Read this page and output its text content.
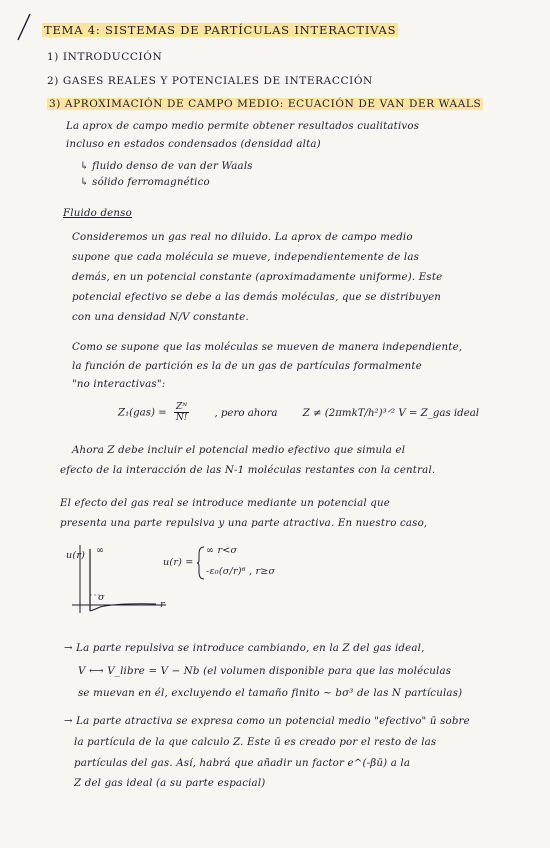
TEMA 4: SISTEMAS DE PARTÍCULAS INTERACTIVAS
1) INTRODUCCIÓN
2) GASES REALES Y POTENCIALES DE INTERACCIÓN
3) APROXIMACIÓN DE CAMPO MEDIO: ECUACIÓN DE VAN DER WAALS
La aprox de campo medio permite obtener resultados cualitativos
incluso en estados condensados (densidad alta)
↳ fluido denso de van der Waals
↳ sólido ferromagnético
Fluido denso
Consideremos un gas real no diluido. La aprox de campo medio
supone que cada molécula se mueve, independientemente de las
demás, en un potencial constante (aproximadamente uniforme). Este
potencial efectivo se debe a las demás moléculas, que se distribuyen
con una densidad N/V constante.
Como se supone que las moléculas se mueven de manera independiente,
la función de partición es la de un gas de partículas formalmente
"no interactivas":
$Z_1(gas) = \frac{\text{Zᴺ}}{N!}$ , pero ahora Z ≠ (2πmkT/h²)³ᐟ² V = Z_gas ideal
Ahora Z debe incluir el potencial medio efectivo que simula el
efecto de la interacción de las N-1 moléculas restantes con la central.
El efecto del gas real se introduce mediante un potencial que
presenta una parte repulsiva y una parte atractiva. En nuestro caso,
u(r) ∞
σ
r
u(r) =
∞ r<σ
-ε₀(σ/r)⁶ , r≥σ
→ La parte repulsiva se introduce cambiando, en la Z del gas ideal,
V ⟷ V_libre = V − Nb (el volumen disponible para que las moléculas
se muevan en él, excluyendo el tamaño finito ~ bσ³ de las N partículas)
→ La parte atractiva se expresa como un potencial medio "efectivo" ū sobre
la partícula de la que calculo Z. Este ū es creado por el resto de las
partículas del gas. Así, habrá que añadir un factor e^(-βū) a la
Z del gas ideal (a su parte espacial)
